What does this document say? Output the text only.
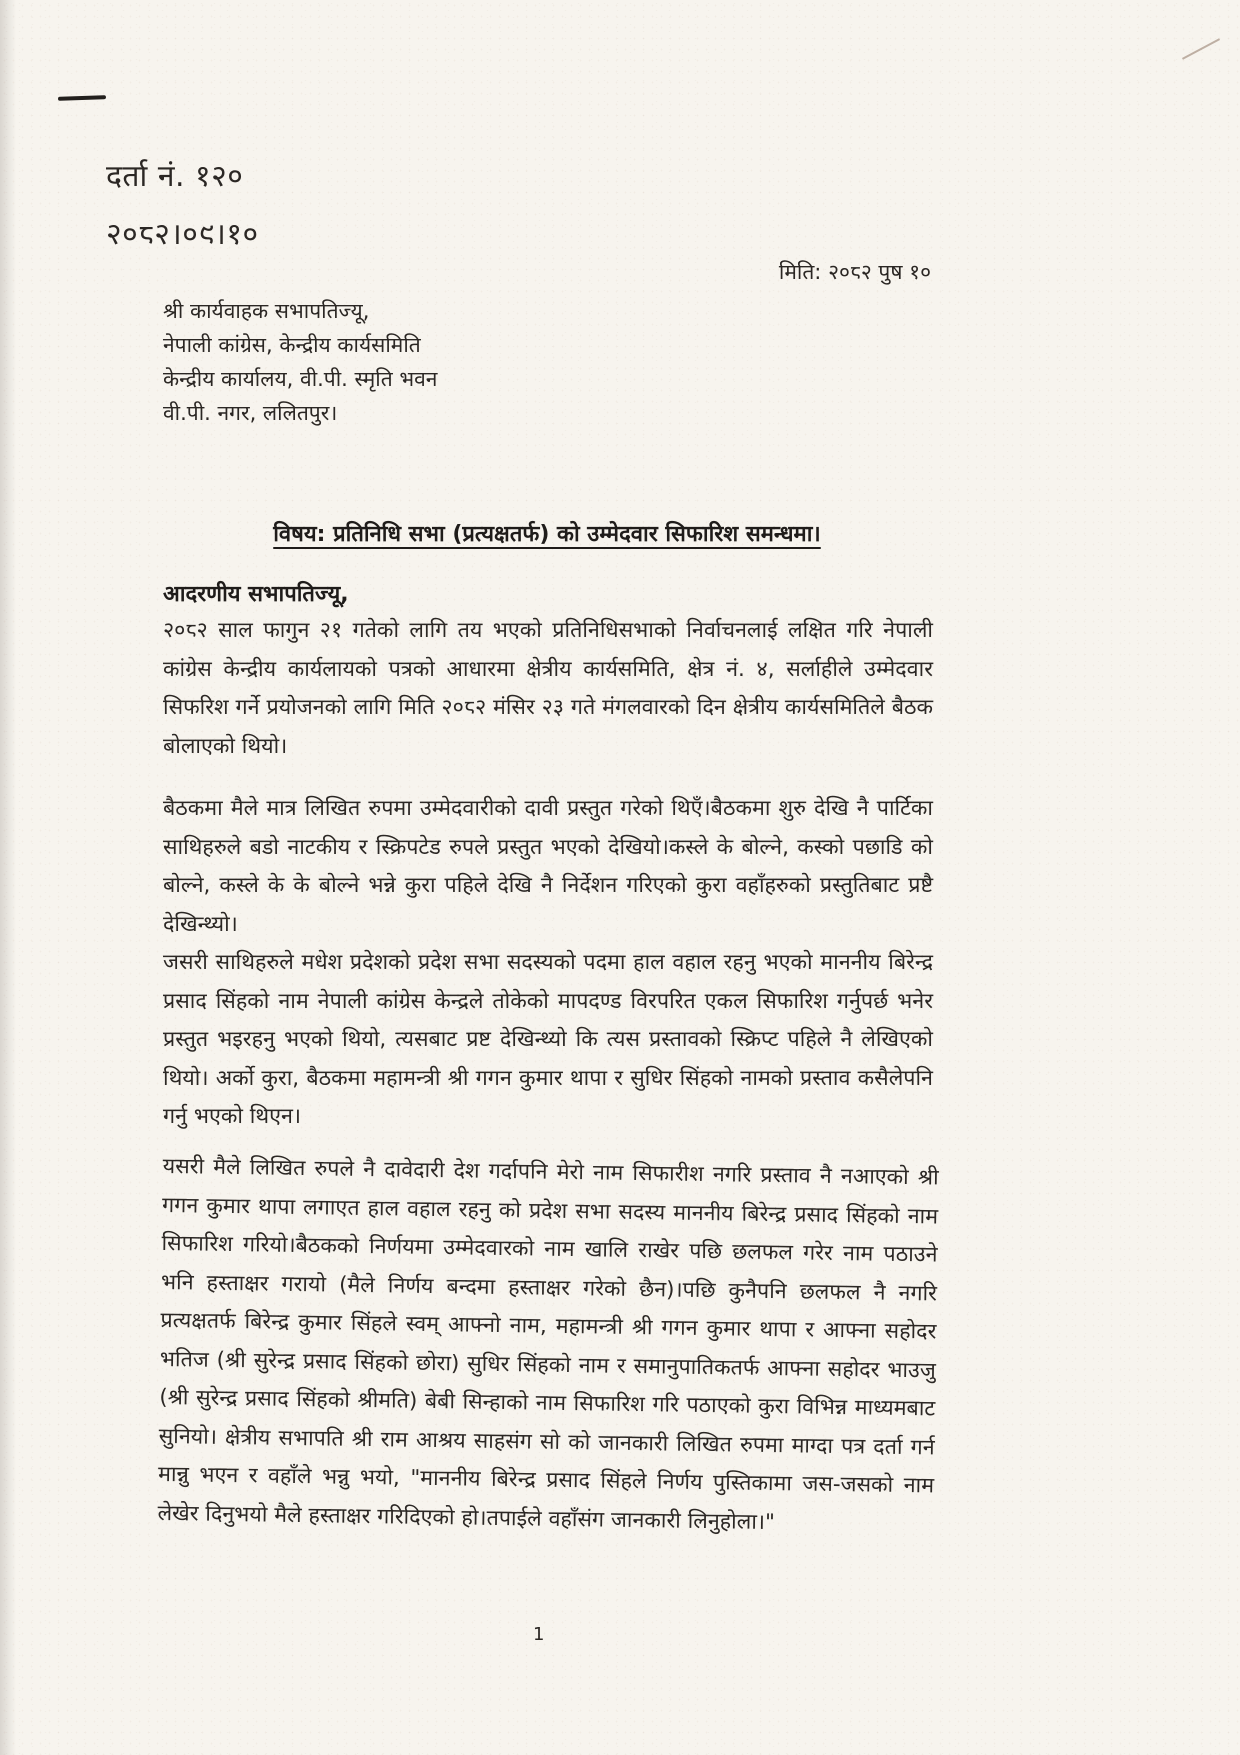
दर्ता नं. १२०
२०८२।०९।१०
मिति: २०८२ पुष १०
श्री कार्यवाहक सभापतिज्यू,
नेपाली कांग्रेस, केन्द्रीय कार्यसमिति
केन्द्रीय कार्यालय, वी.पी. स्मृति भवन
वी.पी. नगर, ललितपुर।
विषय: प्रतिनिधि सभा (प्रत्यक्षतर्फ) को उम्मेदवार सिफारिश समन्धमा।
आदरणीय सभापतिज्यू,
२०८२ साल फागुन २१ गतेको लागि तय भएको प्रतिनिधिसभाको निर्वाचनलाई लक्षित गरि नेपाली कांग्रेस केन्द्रीय कार्यलायको पत्रको आधारमा क्षेत्रीय कार्यसमिति, क्षेत्र नं. ४, सर्लाहीले उम्मेदवार सिफरिश गर्ने प्रयोजनको लागि मिति २०८२ मंसिर २३ गते मंगलवारको दिन क्षेत्रीय कार्यसमितिले बैठक बोलाएको थियो।
बैठकमा मैले मात्र लिखित रुपमा उम्मेदवारीको दावी प्रस्तुत गरेको थिएँ।बैठकमा शुरु देखि नै पार्टिका साथिहरुले बडो नाटकीय र स्क्रिपटेड रुपले प्रस्तुत भएको देखियो।कस्ले के बोल्ने, कस्को पछाडि को बोल्ने, कस्ले के के बोल्ने भन्ने कुरा पहिले देखि नै निर्देशन गरिएको कुरा वहाँहरुको प्रस्तुतिबाट प्रष्टै देखिन्थ्यो।
जसरी साथिहरुले मधेश प्रदेशको प्रदेश सभा सदस्यको पदमा हाल वहाल रहनु भएको माननीय बिरेन्द्र प्रसाद सिंहको नाम नेपाली कांग्रेस केन्द्रले तोकेको मापदण्ड विरपरित एकल सिफारिश गर्नुपर्छ भनेर प्रस्तुत भइरहनु भएको थियो, त्यसबाट प्रष्ट देखिन्थ्यो कि त्यस प्रस्तावको स्क्रिप्ट पहिले नै लेखिएको थियो। अर्को कुरा, बैठकमा महामन्त्री श्री गगन कुमार थापा र सुधिर सिंहको नामको प्रस्ताव कसैलेपनि गर्नु भएको थिएन।
यसरी मैले लिखित रुपले नै दावेदारी देश गर्दापनि मेरो नाम सिफारीश नगरि प्रस्ताव नै नआएको श्री गगन कुमार थापा लगाएत हाल वहाल रहनु को प्रदेश सभा सदस्य माननीय बिरेन्द्र प्रसाद सिंहको नाम सिफारिश गरियो।बैठकको निर्णयमा उम्मेदवारको नाम खालि राखेर पछि छलफल गरेर नाम पठाउने भनि हस्ताक्षर गरायो (मैले निर्णय बन्दमा हस्ताक्षर गरेको छैन)।पछि कुनैपनि छलफल नै नगरि प्रत्यक्षतर्फ बिरेन्द्र कुमार सिंहले स्वम् आफ्नो नाम, महामन्त्री श्री गगन कुमार थापा र आफ्ना सहोदर भतिज (श्री सुरेन्द्र प्रसाद सिंहको छोरा) सुधिर सिंहको नाम र समानुपातिकतर्फ आफ्ना सहोदर भाउजु (श्री सुरेन्द्र प्रसाद सिंहको श्रीमति) बेबी सिन्हाको नाम सिफारिश गरि पठाएको कुरा विभिन्न माध्यमबाट सुनियो। क्षेत्रीय सभापति श्री राम आश्रय साहसंग सो को जानकारी लिखित रुपमा माग्दा पत्र दर्ता गर्न मान्नु भएन र वहाँले भन्नु भयो, "माननीय बिरेन्द्र प्रसाद सिंहले निर्णय पुस्तिकामा जस-जसको नाम लेखेर दिनुभयो मैले हस्ताक्षर गरिदिएको हो।तपाईले वहाँसंग जानकारी लिनुहोला।"
1
